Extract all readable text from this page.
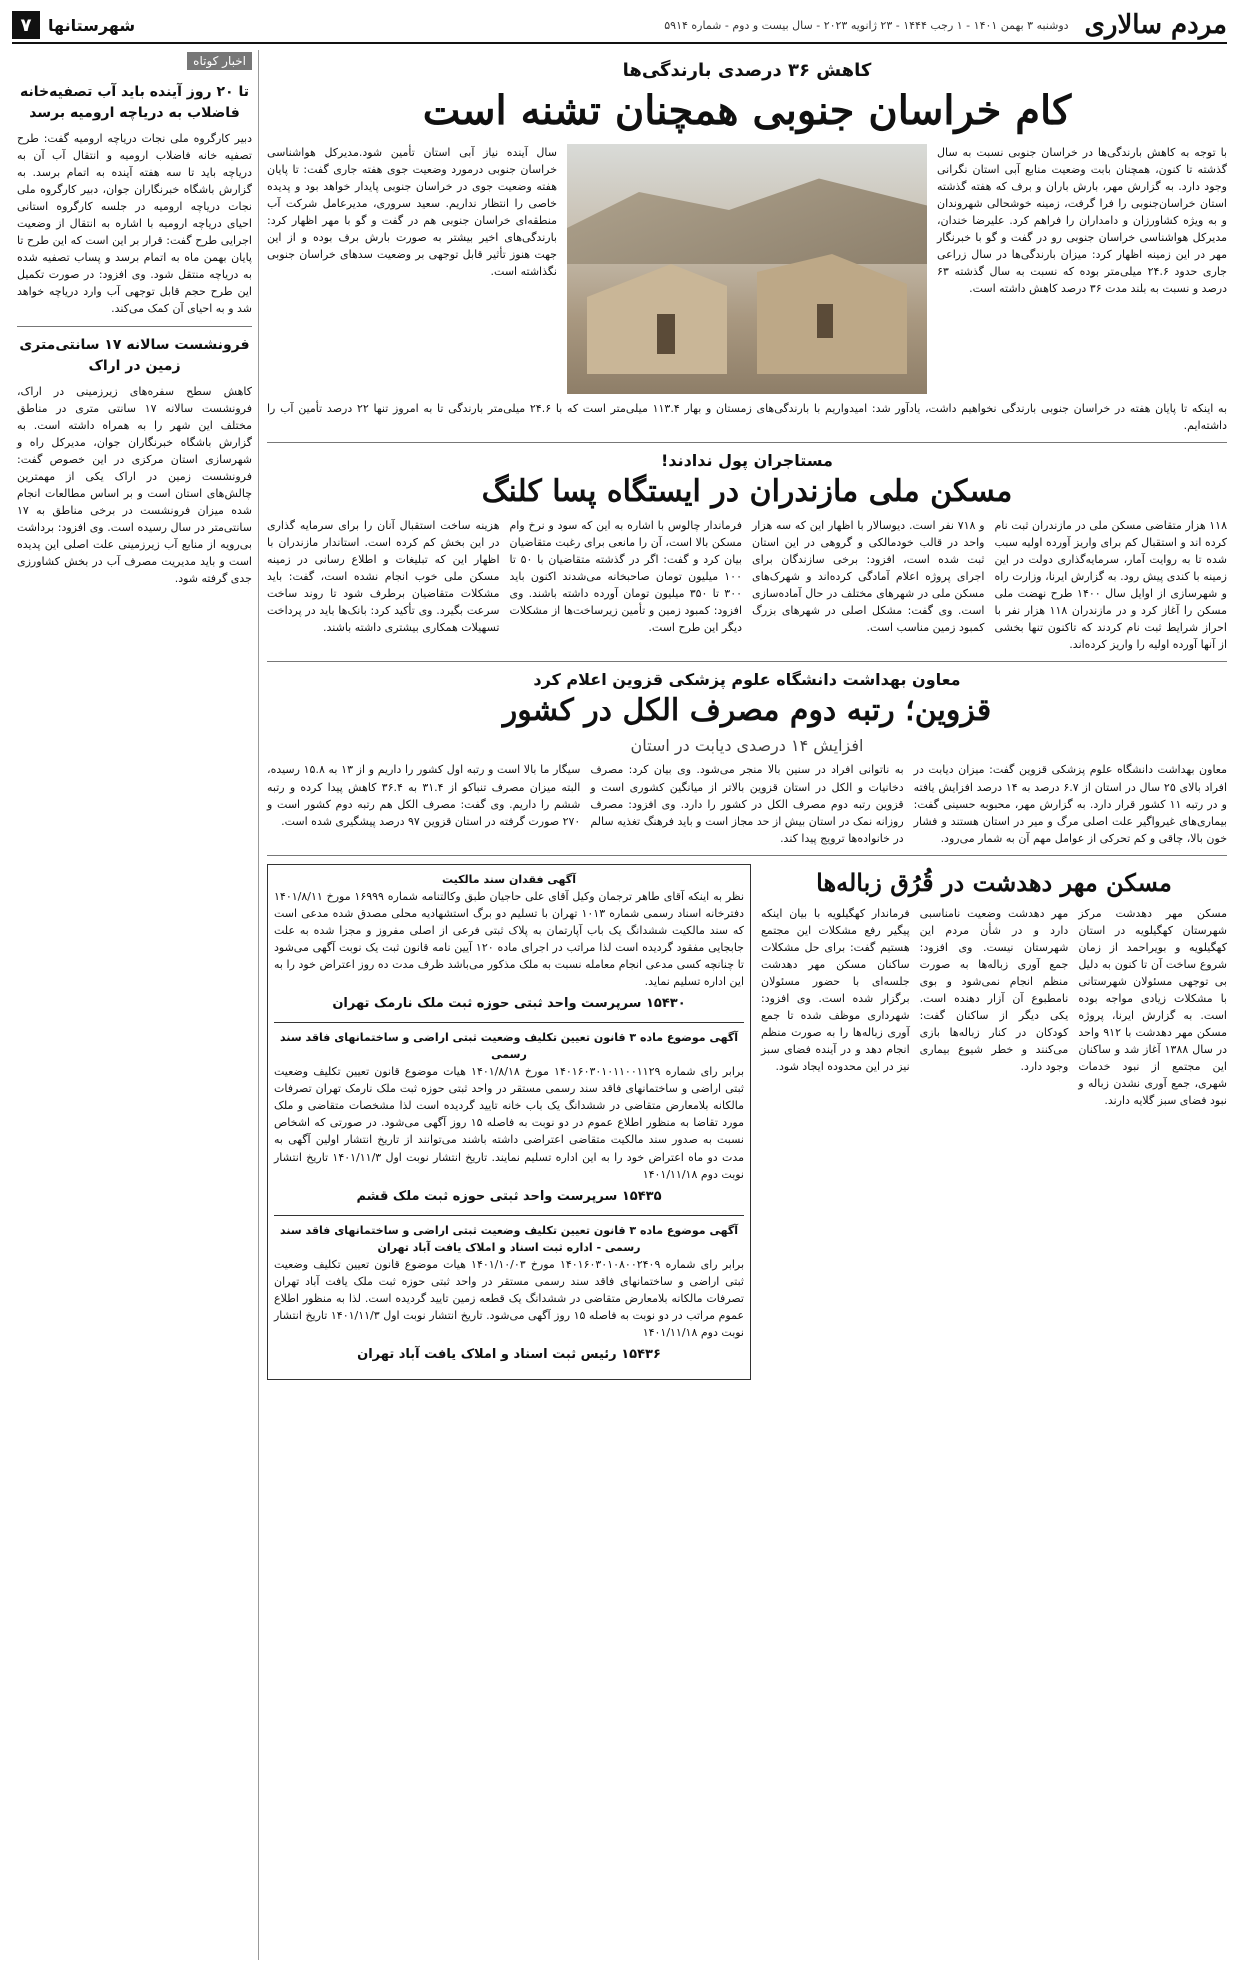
مردم سالاری
دوشنبه ۳ بهمن ۱۴۰۱ - ۱ رجب ۱۴۴۴ - ۲۳ ژانویه ۲۰۲۳ - سال بیست و دوم - شماره ۵۹۱۴
شهرستانها
۷
کاهش ۳۶ درصدی بارندگی‌ها
کام خراسان جنوبی همچنان تشنه است
با توجه به کاهش بارندگی‌ها در خراسان جنوبی نسبت به سال گذشته تا کنون، همچنان بابت وضعیت منابع آبی استان نگرانی وجود دارد. به گزارش مهر، بارش باران و برف که هفته گذشته استان خراسان‌جنوبی را فرا گرفت، زمینه خوشحالی شهروندان و به ویژه کشاورزان و دامداران را فراهم کرد. علیرضا خندان، مدیرکل هواشناسی خراسان جنوبی رو در گفت و گو با خبرنگار مهر در این زمینه اظهار کرد: میزان بارندگی‌ها در سال زراعی جاری حدود ۲۴.۶ میلی‌متر بوده که نسبت به سال گذشته ۶۳ درصد و نسبت به بلند مدت ۳۶ درصد کاهش داشته است.
سال آینده نیاز آبی استان تأمین شود.مدیرکل هواشناسی خراسان جنوبی درمورد وضعیت جوی هفته جاری گفت: تا پایان هفته وضعیت جوی در خراسان جنوبی پایدار خواهد بود و پدیده خاصی را انتظار نداریم. سعید سروری، مدیرعامل شرکت آب منطقه‌ای خراسان جنوبی هم در گفت و گو با مهر اظهار کرد: بارندگی‌های اخیر بیشتر به صورت بارش برف بوده و از این جهت هنوز تأثیر قابل توجهی بر وضعیت سدهای خراسان جنوبی نگذاشته است.
به اینکه تا پایان هفته در خراسان جنوبی بارندگی نخواهیم داشت، یادآور شد: امیدواریم با بارندگی‌های زمستان و بهار ۱۱۳.۴ میلی‌متر است که با ۲۴.۶ میلی‌متر بارندگی تا به امروز تنها ۲۲ درصد تأمین آب را داشته‌ایم.
مستاجران پول ندادند!
مسکن ملی مازندران در ایستگاه پسا کلنگ
۱۱۸ هزار متقاضی مسکن ملی در مازندران ثبت نام کرده اند و استقبال کم برای واریز آورده اولیه سبب شده تا به روایت آمار، سرمایه‌گذاری دولت در این زمینه با کندی پیش رود. به گزارش ایرنا، وزارت راه و شهرسازی از اوایل سال ۱۴۰۰ طرح نهضت ملی مسکن را آغاز کرد و در مازندران ۱۱۸ هزار نفر با احراز شرایط ثبت نام کردند که تاکنون تنها بخشی از آنها آورده اولیه را واریز کرده‌اند.
و ۷۱۸ نفر است. دیوسالار با اظهار این که سه هزار واحد در قالب خودمالکی و گروهی در این استان ثبت شده است، افزود: برخی سازندگان برای اجرای پروژه اعلام آمادگی کرده‌اند و شهرک‌های مسکن ملی در شهرهای مختلف در حال آماده‌سازی است. وی گفت: مشکل اصلی در شهرهای بزرگ کمبود زمین مناسب است.
فرماندار چالوس با اشاره به این که سود و نرخ وام مسکن بالا است، آن را مانعی برای رغبت متقاضیان بیان کرد و گفت: اگر در گذشته متقاضیان با ۵۰ تا ۱۰۰ میلیون تومان صاحبخانه می‌شدند اکنون باید ۳۰۰ تا ۳۵۰ میلیون تومان آورده داشته باشند. وی افزود: کمبود زمین و تأمین زیرساخت‌ها از مشکلات دیگر این طرح است.
هزینه ساخت استقبال آنان را برای سرمایه گذاری در این بخش کم کرده است. استاندار مازندران با اظهار این که تبلیغات و اطلاع رسانی در زمینه مسکن ملی خوب انجام نشده است، گفت: باید مشکلات متقاضیان برطرف شود تا روند ساخت سرعت بگیرد. وی تأکید کرد: بانک‌ها باید در پرداخت تسهیلات همکاری بیشتری داشته باشند.
معاون بهداشت دانشگاه علوم پزشکی قزوین اعلام کرد
قزوین؛ رتبه دوم مصرف الکل در کشور
افزایش ۱۴ درصدی دیابت در استان
معاون بهداشت دانشگاه علوم پزشکی قزوین گفت: میزان دیابت در افراد بالای ۲۵ سال در استان از ۶.۷ درصد به ۱۴ درصد افزایش یافته و در رتبه ۱۱ کشور قرار دارد. به گزارش مهر، محبوبه حسینی گفت: بیماری‌های غیرواگیر علت اصلی مرگ و میر در استان هستند و فشار خون بالا، چاقی و کم تحرکی از عوامل مهم آن به شمار می‌رود.
به ناتوانی افراد در سنین بالا منجر می‌شود. وی بیان کرد: مصرف دخانیات و الکل در استان قزوین بالاتر از میانگین کشوری است و قزوین رتبه دوم مصرف الکل در کشور را دارد. وی افزود: مصرف روزانه نمک در استان بیش از حد مجاز است و باید فرهنگ تغذیه سالم در خانواده‌ها ترویج پیدا کند.
سیگار ما بالا است و رتبه اول کشور را داریم و از ۱۳ به ۱۵.۸ رسیده، البته میزان مصرف تنباکو از ۳۱.۴ به ۳۶.۴ کاهش پیدا کرده و رتبه ششم را داریم. وی گفت: مصرف الکل هم رتبه دوم کشور است و ۲۷۰ صورت گرفته در استان قزوین ۹۷ درصد پیشگیری شده است.
مسکن مهر دهدشت در قُرُق زباله‌ها
مسکن مهر دهدشت مرکز شهرستان کهگیلویه در استان کهگیلویه و بویراحمد از زمان شروع ساخت آن تا کنون به دلیل بی توجهی مسئولان شهرستانی با مشکلات زیادی مواجه بوده است. به گزارش ایرنا، پروژه مسکن مهر دهدشت با ۹۱۲ واحد در سال ۱۳۸۸ آغاز شد و ساکنان این مجتمع از نبود خدمات شهری، جمع آوری نشدن زباله و نبود فضای سبز گلایه دارند.
مهر دهدشت وضعیت نامناسبی دارد و در شأن مردم این شهرستان نیست. وی افزود: جمع آوری زباله‌ها به صورت منظم انجام نمی‌شود و بوی نامطبوع آن آزار دهنده است. یکی دیگر از ساکنان گفت: کودکان در کنار زباله‌ها بازی می‌کنند و خطر شیوع بیماری وجود دارد.
فرماندار کهگیلویه با بیان اینکه پیگیر رفع مشکلات این مجتمع هستیم گفت: برای حل مشکلات ساکنان مسکن مهر دهدشت جلسه‌ای با حضور مسئولان برگزار شده است. وی افزود: شهرداری موظف شده تا جمع آوری زباله‌ها را به صورت منظم انجام دهد و در آینده فضای سبز نیز در این محدوده ایجاد شود.
آگهی فقدان سند مالکیت
نظر به اینکه آقای طاهر ترجمان وکیل آقای علی حاجیان طبق وکالتنامه شماره ۱۶۹۹۹ مورخ ۱۴۰۱/۸/۱۱ دفترخانه اسناد رسمی شماره ۱۰۱۳ تهران با تسلیم دو برگ استشهادیه محلی مصدق شده مدعی است که سند مالکیت ششدانگ یک باب آپارتمان به پلاک ثبتی فرعی از اصلی مفروز و مجزا شده به علت جابجایی مفقود گردیده است لذا مراتب در اجرای ماده ۱۲۰ آیین نامه قانون ثبت یک نوبت آگهی می‌شود تا چنانچه کسی مدعی انجام معامله نسبت به ملک مذکور می‌باشد ظرف مدت ده روز اعتراض خود را به این اداره تسلیم نماید.
۱۵۴۳۰ سرپرست واحد ثبتی حوزه ثبت ملک نارمک تهران
آگهی موضوع ماده ۳ قانون تعیین تکلیف وضعیت ثبتی اراضی و ساختمانهای فاقد سند رسمی
برابر رای شماره ۱۴۰۱۶۰۳۰۱۰۱۱۰۰۱۱۲۹ مورخ ۱۴۰۱/۸/۱۸ هیات موضوع قانون تعیین تکلیف وضعیت ثبتی اراضی و ساختمانهای فاقد سند رسمی مستقر در واحد ثبتی حوزه ثبت ملک نارمک تهران تصرفات مالکانه بلامعارض متقاضی در ششدانگ یک باب خانه تایید گردیده است لذا مشخصات متقاضی و ملک مورد تقاضا به منظور اطلاع عموم در دو نوبت به فاصله ۱۵ روز آگهی می‌شود. در صورتی که اشخاص نسبت به صدور سند مالکیت متقاضی اعتراضی داشته باشند می‌توانند از تاریخ انتشار اولین آگهی به مدت دو ماه اعتراض خود را به این اداره تسلیم نمایند. تاریخ انتشار نوبت اول ۱۴۰۱/۱۱/۳ تاریخ انتشار نوبت دوم ۱۴۰۱/۱۱/۱۸
۱۵۴۳۵ سرپرست واحد ثبتی حوزه ثبت ملک قشم
آگهی موضوع ماده ۳ قانون تعیین تکلیف وضعیت ثبتی اراضی و ساختمانهای فاقد سند رسمی - اداره ثبت اسناد و املاک یافت آباد تهران
برابر رای شماره ۱۴۰۱۶۰۳۰۱۰۸۰۰۲۴۰۹ مورخ ۱۴۰۱/۱۰/۰۳ هیات موضوع قانون تعیین تکلیف وضعیت ثبتی اراضی و ساختمانهای فاقد سند رسمی مستقر در واحد ثبتی حوزه ثبت ملک یافت آباد تهران تصرفات مالکانه بلامعارض متقاضی در ششدانگ یک قطعه زمین تایید گردیده است. لذا به منظور اطلاع عموم مراتب در دو نوبت به فاصله ۱۵ روز آگهی می‌شود. تاریخ انتشار نوبت اول ۱۴۰۱/۱۱/۳ تاریخ انتشار نوبت دوم ۱۴۰۱/۱۱/۱۸
۱۵۴۳۶ رئیس ثبت اسناد و املاک یافت آباد تهران
اخبار کوتاه
تا ۲۰ روز آینده باید آب تصفیه‌خانه فاضلاب به دریاچه ارومیه برسد
دبیر کارگروه ملی نجات دریاچه ارومیه گفت: طرح تصفیه خانه فاضلاب ارومیه و انتقال آب آن به دریاچه باید تا سه هفته آینده به اتمام برسد. به گزارش باشگاه خبرنگاران جوان، دبیر کارگروه ملی نجات دریاچه ارومیه در جلسه کارگروه استانی احیای دریاچه ارومیه با اشاره به انتقال از وضعیت اجرایی طرح گفت: قرار بر این است که این طرح تا پایان بهمن ماه به اتمام برسد و پساب تصفیه شده به دریاچه منتقل شود. وی افزود: در صورت تکمیل این طرح حجم قابل توجهی آب وارد دریاچه خواهد شد و به احیای آن کمک می‌کند.
فرونشست سالانه ۱۷ سانتی‌متری زمین در اراک
کاهش سطح سفره‌های زیرزمینی در اراک، فرونشست سالانه ۱۷ سانتی متری در مناطق مختلف این شهر را به همراه داشته است. به گزارش باشگاه خبرنگاران جوان، مدیرکل راه و شهرسازی استان مرکزی در این خصوص گفت: فرونشست زمین در اراک یکی از مهمترین چالش‌های استان است و بر اساس مطالعات انجام شده میزان فرونشست در برخی مناطق به ۱۷ سانتی‌متر در سال رسیده است. وی افزود: برداشت بی‌رویه از منابع آب زیرزمینی علت اصلی این پدیده است و باید مدیریت مصرف آب در بخش کشاورزی جدی گرفته شود.
